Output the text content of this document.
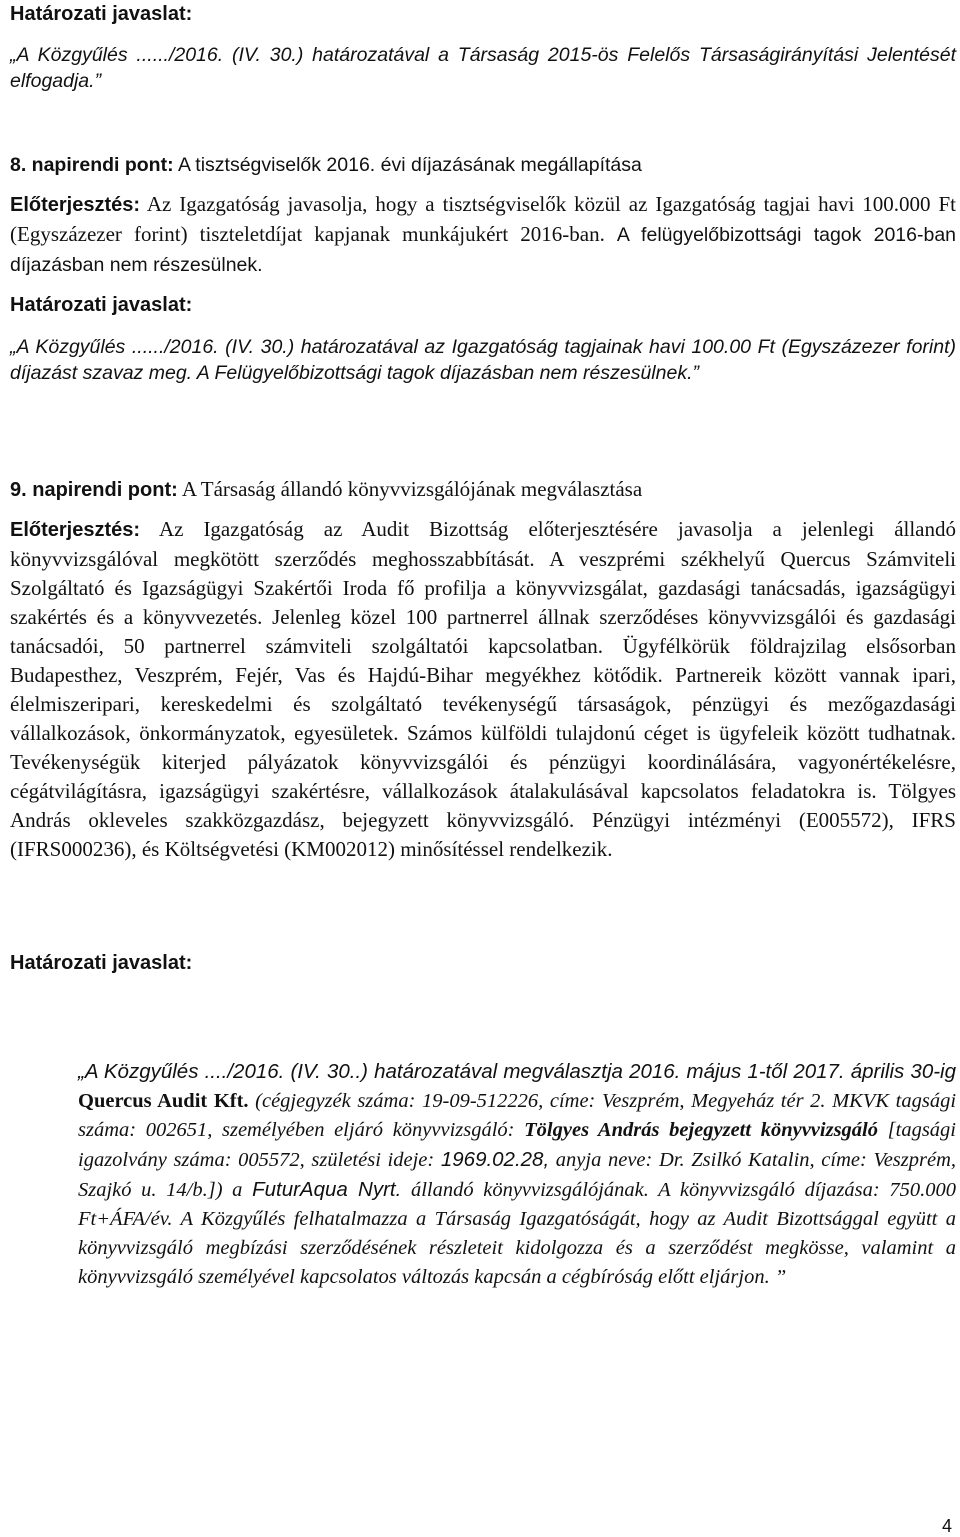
Határozati javaslat:

„A Közgyűlés ....../2016. (IV. 30.) határozatával a Társaság 2015-ös Felelős Társaságirányítási Jelentését elfogadja.”

8. napirendi pont: A tisztségviselők 2016. évi díjazásának megállapítása

Előterjesztés: Az Igazgatóság javasolja, hogy a tisztségviselők közül az Igazgatóság tagjai havi 100.000 Ft (Egyszázezer forint) tiszteletdíjat kapjanak munkájukért 2016-ban. A felügyelőbizottsági tagok 2016-ban díjazásban nem részesülnek.

Határozati javaslat:

„A Közgyűlés ....../2016. (IV. 30.) határozatával az Igazgatóság tagjainak havi 100.00 Ft (Egyszázezer forint) díjazást szavaz meg. A Felügyelőbizottsági tagok díjazásban nem részesülnek.”

9. napirendi pont: A Társaság állandó könyvvizsgálójának megválasztása

Előterjesztés: Az Igazgatóság az Audit Bizottság előterjesztésére javasolja a jelenlegi állandó könyvvizsgálóval megkötött szerződés meghosszabbítását. A veszprémi székhelyű Quercus Számviteli Szolgáltató és Igazságügyi Szakértői Iroda fő profilja a könyvvizsgálat, gazdasági tanácsadás, igazságügyi szakértés és a könyvvezetés. Jelenleg közel 100 partnerrel állnak szerződéses könyvvizsgálói és gazdasági tanácsadói, 50 partnerrel számviteli szolgáltatói kapcsolatban. Ügyfélkörük földrajzilag elsősorban Budapesthez, Veszprém, Fejér, Vas és Hajdú-Bihar megyékhez kötődik. Partnereik között vannak ipari, élelmiszeripari, kereskedelmi és szolgáltató tevékenységű társaságok, pénzügyi és mezőgazdasági vállalkozások, önkormányzatok, egyesületek. Számos külföldi tulajdonú céget is ügyfeleik között tudhatnak. Tevékenységük kiterjed pályázatok könyvvizsgálói és pénzügyi koordinálására, vagyonértékelésre, cégátvilágításra, igazságügyi szakértésre, vállalkozások átalakulásával kapcsolatos feladatokra is. Tölgyes András okleveles szakközgazdász, bejegyzett könyvvizsgáló. Pénzügyi intézményi (E005572), IFRS (IFRS000236), és Költségvetési (KM002012) minősítéssel rendelkezik.

Határozati javaslat:

„A Közgyűlés ..../2016. (IV. 30..) határozatával megválasztja 2016. május 1-től 2017. április 30-ig Quercus Audit Kft. (cégjegyzék száma: 19-09-512226, címe: Veszprém, Megyeház tér 2. MKVK tagsági száma: 002651, személyében eljáró könyvvizsgáló: Tölgyes András bejegyzett könyvvizsgáló [tagsági igazolvány száma: 005572, születési ideje: 1969.02.28, anyja neve: Dr. Zsilkó Katalin, címe: Veszprém, Szajkó u. 14/b.]) a FuturAqua Nyrt. állandó könyvvizsgálójának. A könyvvizsgáló díjazása: 750.000 Ft+ÁFA/év. A Közgyűlés felhatalmazza a Társaság Igazgatóságát, hogy az Audit Bizottsággal együtt a könyvvizsgáló megbízási szerződésének részleteit kidolgozza és a szerződést megkösse, valamint a könyvvizsgáló személyével kapcsolatos változás kapcsán a cégbíróság előtt eljárjon. ”

4
